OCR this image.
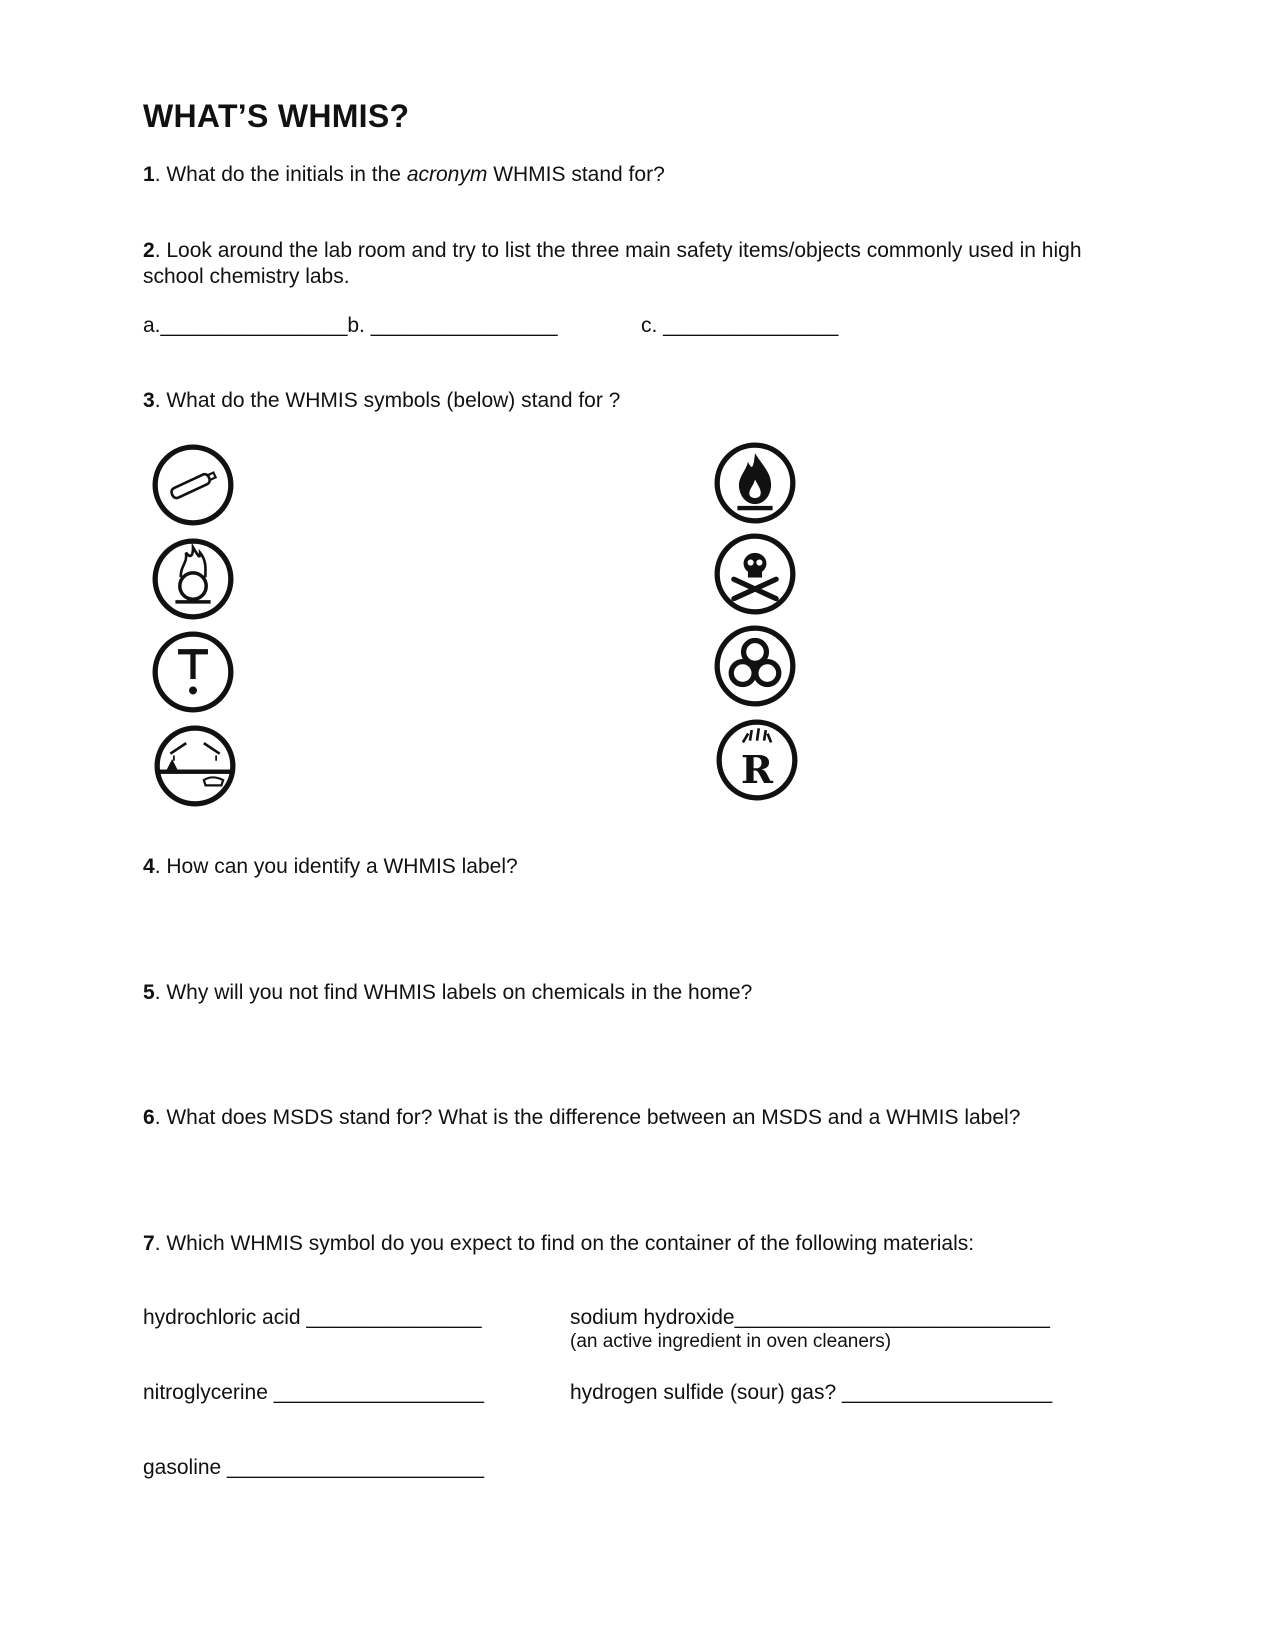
WHAT’S WHMIS?
1. What do the initials in the acronym WHMIS stand for?
2. Look around the lab room and try to list the three main safety items/objects commonly used in high
school chemistry labs.
a.________________b. ________________	c. _______________
3. What do the WHMIS symbols (below) stand for ?
R
4. How can you identify a WHMIS label?
5. Why will you not find WHMIS labels on chemicals in the home?
6. What does MSDS stand for? What is the difference between an MSDS and a WHMIS label?
7. Which WHMIS symbol do you expect to find on the container of the following materials:
hydrochloric acid _______________	sodium hydroxide___________________________
(an active ingredient in oven cleaners)
nitroglycerine __________________	hydrogen sulfide (sour) gas? __________________
gasoline ______________________
